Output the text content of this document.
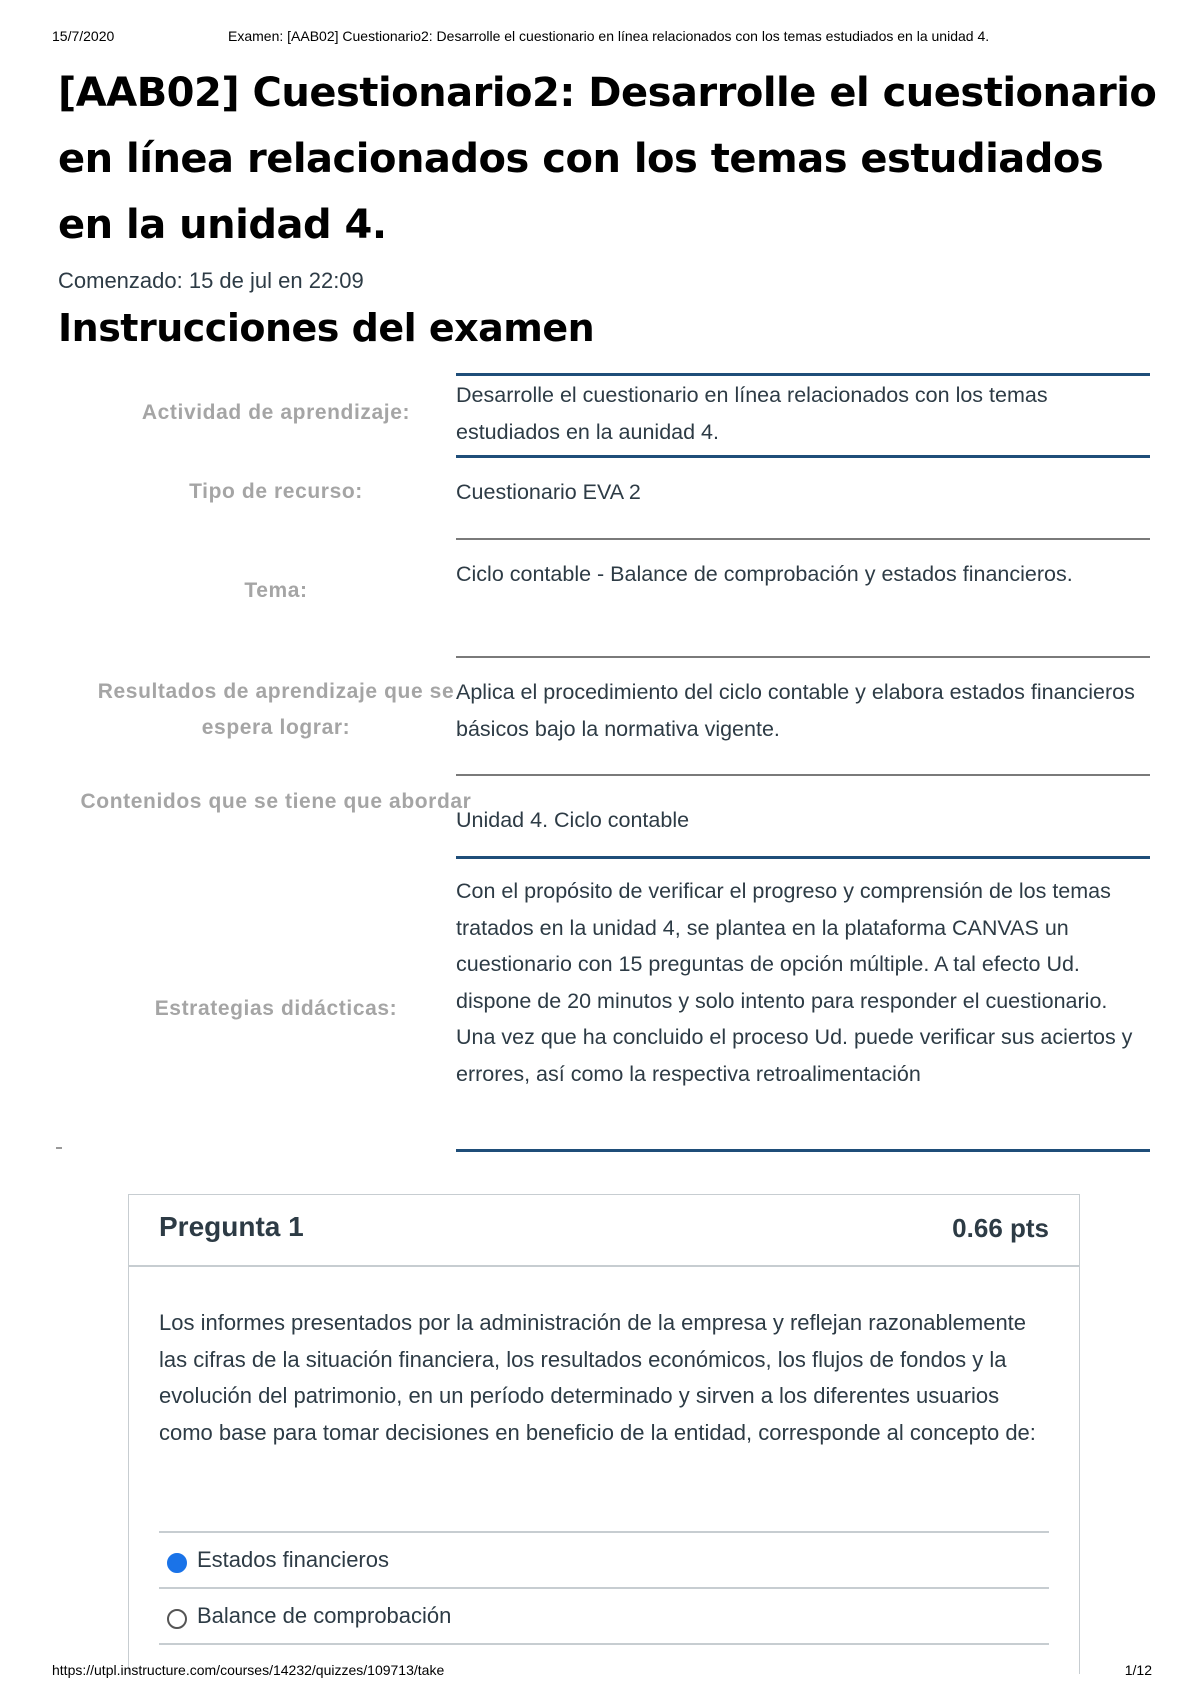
15/7/2020	Examen: [AAB02] Cuestionario2: Desarrolle el cuestionario en línea relacionados con los temas estudiados en la unidad 4.
[AAB02] Cuestionario2: Desarrolle el cuestionario en línea relacionados con los temas estudiados en la unidad 4.
Comenzado: 15 de jul en 22:09
Instrucciones del examen
Actividad de aprendizaje:
Desarrolle el cuestionario en línea relacionados con los temas estudiados en la aunidad 4.
Tipo de recurso:	Cuestionario EVA 2
Tema:
Ciclo contable - Balance de comprobación y estados financieros.
Resultados de aprendizaje que se espera lograr:
Aplica el procedimiento del ciclo contable y elabora estados financieros básicos bajo la normativa vigente.
Contenidos que se tiene que abordar
Unidad 4. Ciclo contable
Estrategias didácticas:
Con el propósito de verificar el progreso y comprensión de los temas tratados en la unidad 4, se plantea en la plataforma CANVAS un cuestionario con 15 preguntas de opción múltiple. A tal efecto Ud. dispone de 20 minutos y solo intento para responder el cuestionario. Una vez que ha concluido el proceso Ud. puede verificar sus aciertos y errores, así como la respectiva retroalimentación
Pregunta 1	0.66 pts

Los informes presentados por la administración de la empresa y reflejan razonablemente las cifras de la situación financiera, los resultados económicos, los flujos de fondos y la evolución del patrimonio, en un período determinado y sirven a los diferentes usuarios como base para tomar decisiones en beneficio de la entidad, corresponde al concepto de:

Estados financieros
Balance de comprobación
https://utpl.instructure.com/courses/14232/quizzes/109713/take	1/12
